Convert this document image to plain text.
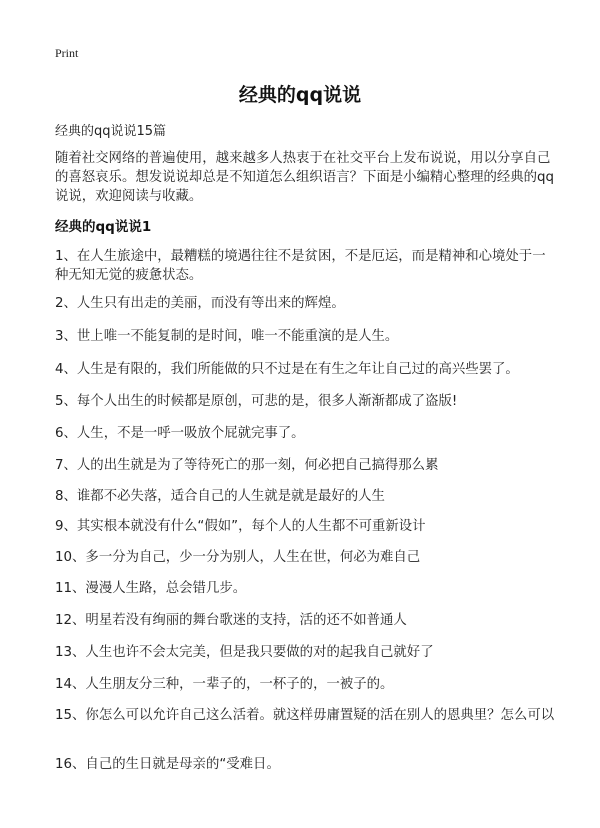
Print
经典的qq说说
经典的qq说说15篇

随着社交网络的普遍使用，越来越多人热衷于在社交平台上发布说说，用以分享自己的喜怒哀乐。想发说说却总是不知道怎么组织语言？下面是小编精心整理的经典的qq说说，欢迎阅读与收藏。

经典的qq说说1

1、在人生旅途中，最糟糕的境遇往往不是贫困，不是厄运，而是精神和心境处于一种无知无觉的疲惫状态。

2、人生只有出走的美丽，而没有等出来的辉煌。

3、世上唯一不能复制的是时间，唯一不能重演的是人生。

4、人生是有限的，我们所能做的只不过是在有生之年让自己过的高兴些罢了。

5、每个人出生的时候都是原创，可悲的是，很多人渐渐都成了盗版!

6、人生，不是一呼一吸放个屁就完事了。

7、人的出生就是为了等待死亡的那一刻，何必把自己搞得那么累

8、谁都不必失落，适合自己的人生就是就是最好的人生

9、其实根本就没有什么“假如”，每个人的人生都不可重新设计

10、多一分为自己，少一分为别人，人生在世，何必为难自己

11、漫漫人生路，总会错几步。

12、明星若没有绚丽的舞台歌迷的支持，活的还不如普通人

13、人生也许不会太完美，但是我只要做的对的起我自己就好了

14、人生朋友分三种，一辈子的，一杯子的，一被子的。

15、你怎么可以允许自己这么活着。就这样毋庸置疑的活在别人的恩典里？怎么可以

16、自己的生日就是母亲的“受难日。
